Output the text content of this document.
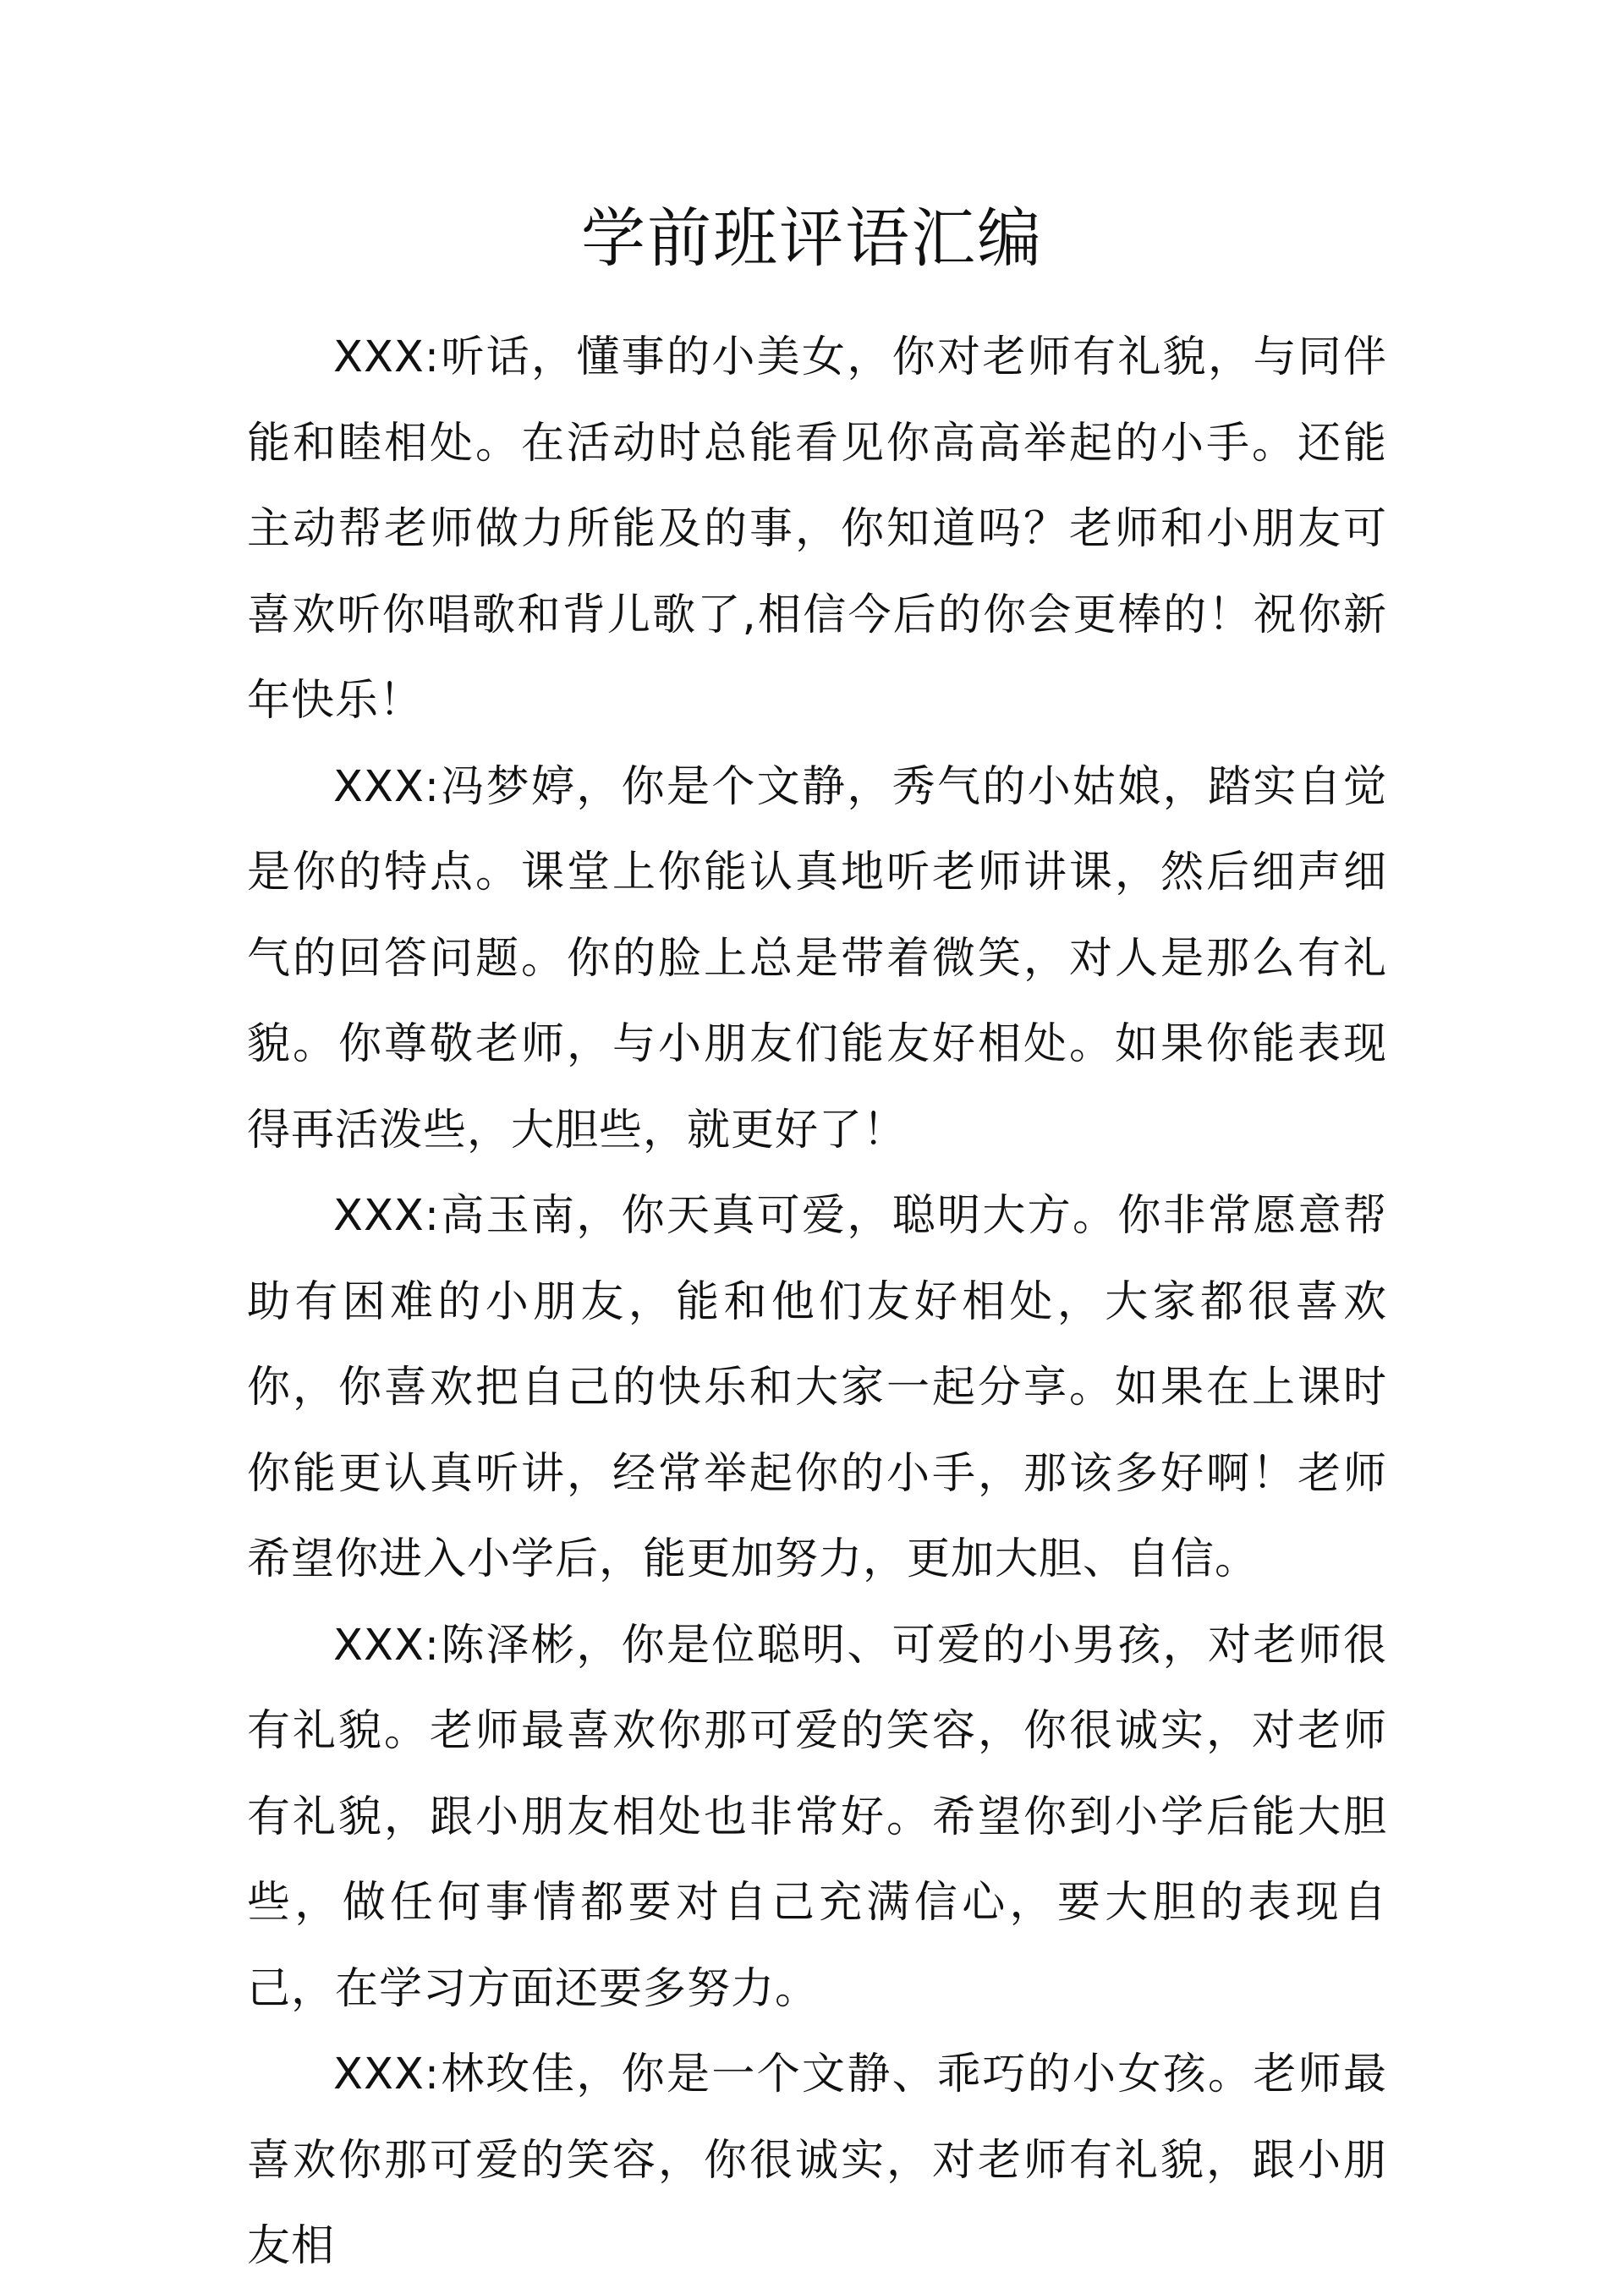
学前班评语汇编

XXX:听话，懂事的小美女，你对老师有礼貌，与同伴能和睦相处。在活动时总能看见你高高举起的小手。还能主动帮老师做力所能及的事，你知道吗？老师和小朋友可喜欢听你唱歌和背儿歌了,相信今后的你会更棒的！祝你新年快乐！

XXX:冯梦婷，你是个文静，秀气的小姑娘，踏实自觉是你的特点。课堂上你能认真地听老师讲课，然后细声细气的回答问题。你的脸上总是带着微笑，对人是那么有礼貌。你尊敬老师，与小朋友们能友好相处。如果你能表现得再活泼些，大胆些，就更好了！

XXX:高玉南，你天真可爱，聪明大方。你非常愿意帮助有困难的小朋友，能和他们友好相处，大家都很喜欢你，你喜欢把自己的快乐和大家一起分享。如果在上课时你能更认真听讲，经常举起你的小手，那该多好啊！老师希望你进入小学后，能更加努力，更加大胆、自信。

XXX:陈泽彬，你是位聪明、可爱的小男孩，对老师很有礼貌。老师最喜欢你那可爱的笑容，你很诚实，对老师有礼貌，跟小朋友相处也非常好。希望你到小学后能大胆些，做任何事情都要对自己充满信心，要大胆的表现自己，在学习方面还要多努力。

XXX:林玫佳，你是一个文静、乖巧的小女孩。老师最喜欢你那可爱的笑容，你很诚实，对老师有礼貌，跟小朋友相
